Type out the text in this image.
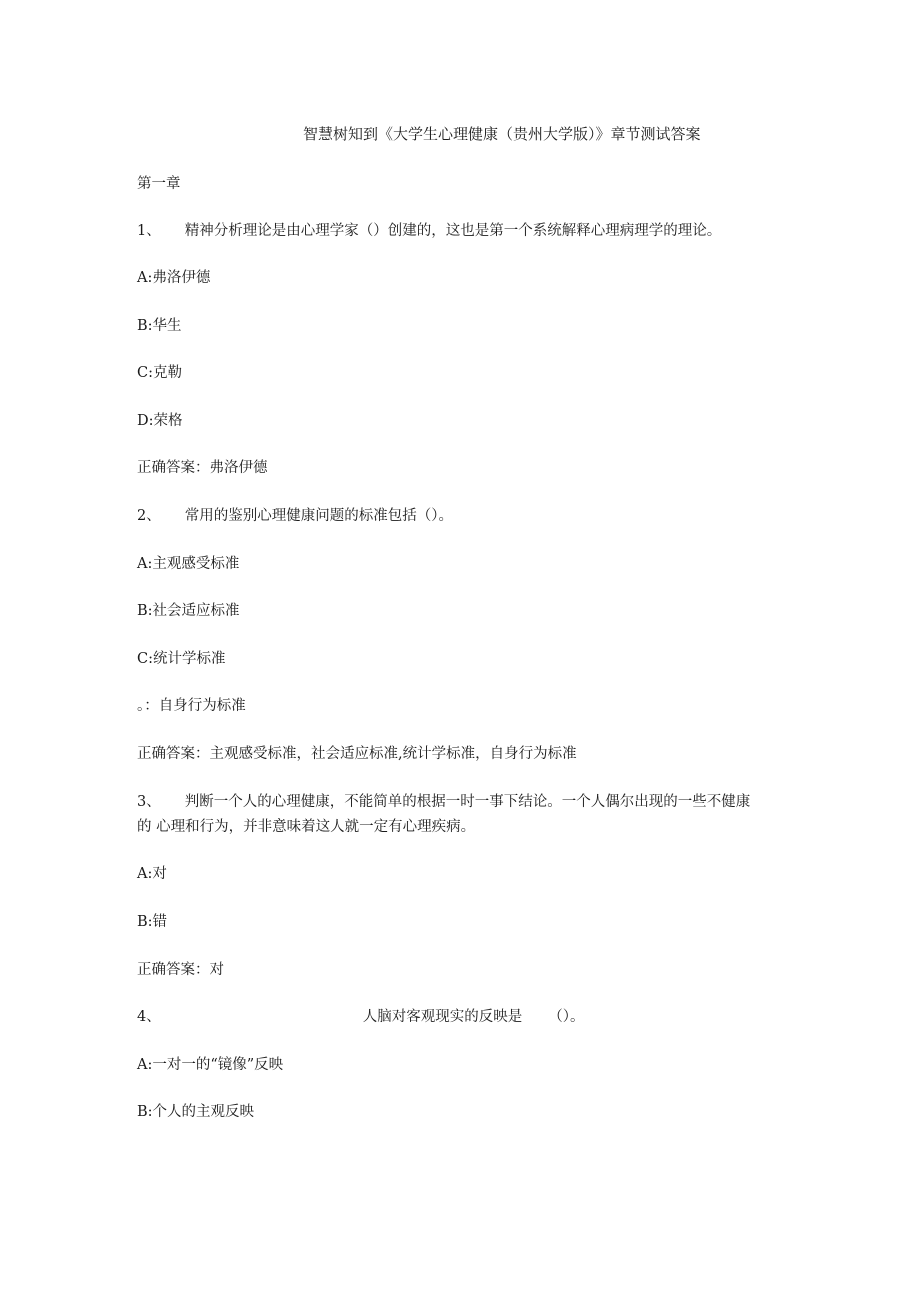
智慧树知到《大学生心理健康（贵州大学版）》章节测试答案
第一章
1、 精神分析理论是由心理学家（）创建的，这也是第一个系统解释心理病理学的理论。
A:弗洛伊德
B:华生
C:克勒
D:荣格
正确答案：弗洛伊德
2、 常用的鉴别心理健康问题的标准包括（）。
A:主观感受标准
B:社会适应标准
C:统计学标准
。：自身行为标准
正确答案：主观感受标准，社会适应标准,统计学标准，自身行为标准
3、 判断一个人的心理健康，不能简单的根据一时一事下结论。一个人偶尔出现的一些不健康
的 心理和行为，并非意味着这人就一定有心理疾病。
A:对
B:错
正确答案：对
4、	人脑对客观现实的反映是 （）。
A:一对一的“镜像”反映
B:个人的主观反映
